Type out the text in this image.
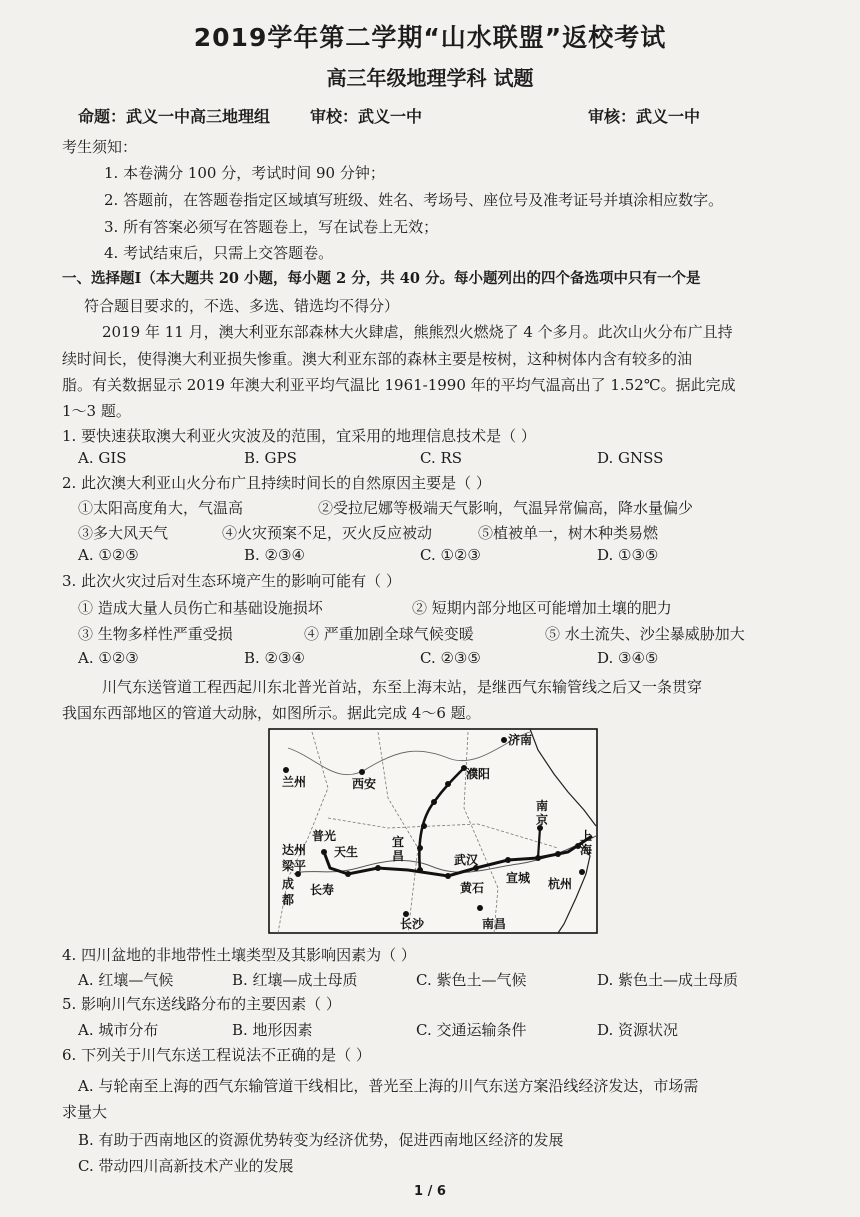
2019学年第二学期“山水联盟”返校考试
高三年级地理学科 试题
命题：武义一中高三地理组 审校：武义一中	审核：武义一中
考生须知：
1. 本卷满分 100 分，考试时间 90 分钟；
2. 答题前，在答题卷指定区域填写班级、姓名、考场号、座位号及准考证号并填涂相应数字。
3. 所有答案必须写在答题卷上，写在试卷上无效；
4. 考试结束后，只需上交答题卷。
一、选择题Ⅰ（本大题共 20 小题，每小题 2 分，共 40 分。每小题列出的四个备选项中只有一个是
符合题目要求的，不选、多选、错选均不得分）
2019 年 11 月，澳大利亚东部森林大火肆虐，熊熊烈火燃烧了 4 个多月。此次山火分布广且持
续时间长，使得澳大利亚损失惨重。澳大利亚东部的森林主要是桉树，这种树体内含有较多的油
脂。有关数据显示 2019 年澳大利亚平均气温比 1961-1990 年的平均气温高出了 1.52℃。据此完成
1～3 题。
1. 要快速获取澳大利亚火灾波及的范围，宜采用的地理信息技术是（ ）
A. GIS	B. GPS	C. RS	D. GNSS
2. 此次澳大利亚山火分布广且持续时间长的自然原因主要是（ ）
①太阳高度角大，气温高	②受拉尼娜等极端天气影响，气温异常偏高，降水量偏少
③多大风天气	④火灾预案不足，灭火反应被动	⑤植被单一，树木种类易燃
A. ①②⑤	B. ②③④	C. ①②③	D. ①③⑤
3. 此次火灾过后对生态环境产生的影响可能有（ ）
① 造成大量人员伤亡和基础设施损坏	② 短期内部分地区可能增加土壤的肥力
③ 生物多样性严重受损	④ 严重加剧全球气候变暖	⑤ 水土流失、沙尘暴威胁加大
A. ①②③	B. ②③④	C. ②③⑤	D. ③④⑤
川气东送管道工程西起川东北普光首站，东至上海末站，是继西气东输管线之后又一条贯穿
我国东西部地区的管道大动脉，如图所示。据此完成 4～6 题。
济南
兰州	西安
濮阳
普光
达州 天生
梁平
宜
昌
成
都
长寿
武汉
黄石
南
京
上
海
宣城 杭州
长沙	南昌
4. 四川盆地的非地带性土壤类型及其影响因素为（ ）
A. 红壤—气候	B. 红壤—成土母质	C. 紫色土—气候	D. 紫色土—成土母质
5. 影响川气东送线路分布的主要因素（ ）
A. 城市分布	B. 地形因素	C. 交通运输条件	D. 资源状况
6. 下列关于川气东送工程说法不正确的是（ ）
A. 与轮南至上海的西气东输管道干线相比，普光至上海的川气东送方案沿线经济发达，市场需
求量大
B. 有助于西南地区的资源优势转变为经济优势，促进西南地区经济的发展
C. 带动四川高新技术产业的发展
1 / 6
